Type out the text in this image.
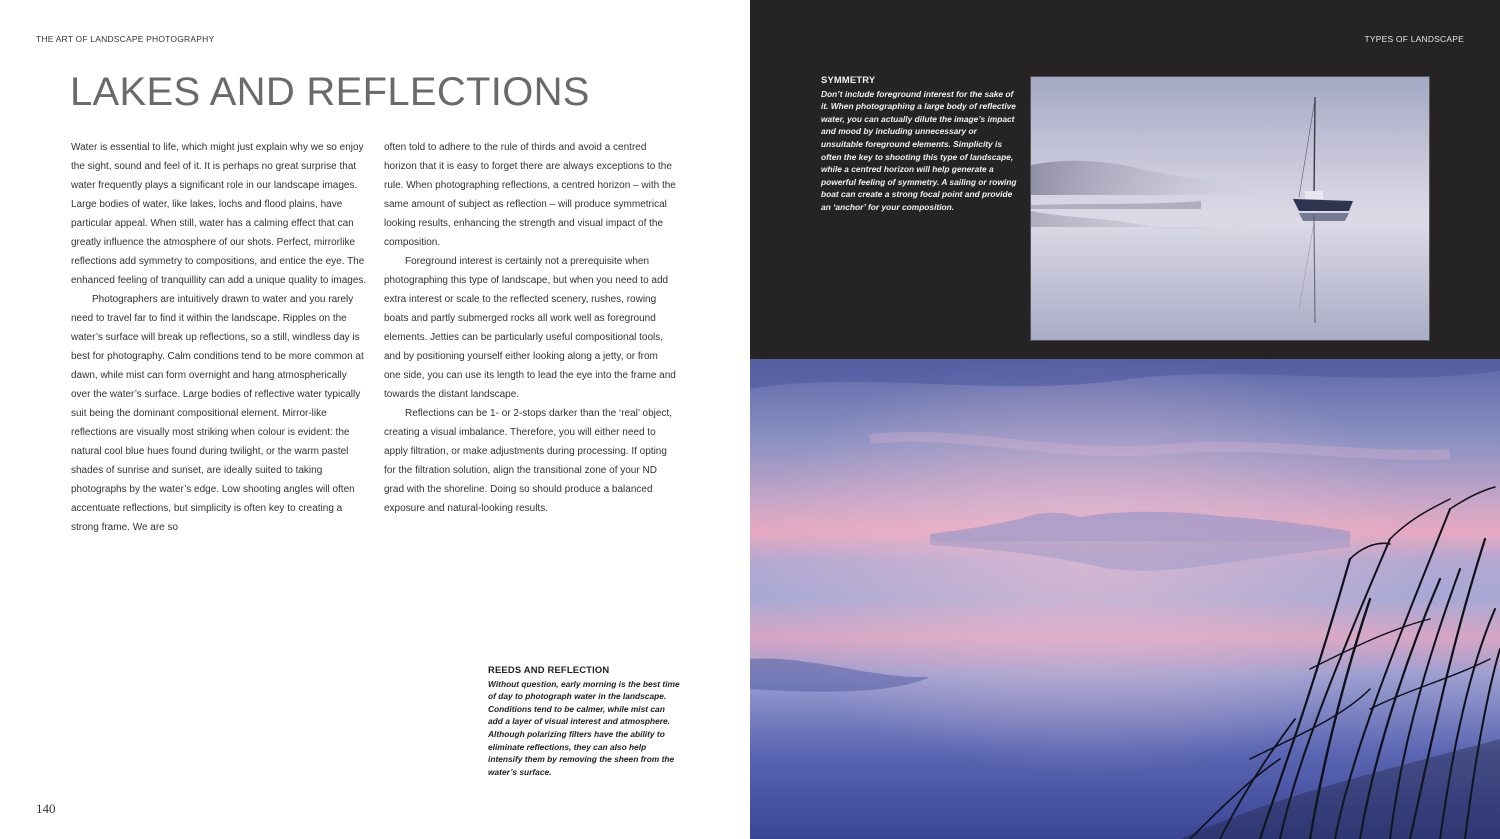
THE ART OF LANDSCAPE PHOTOGRAPHY
LAKES AND REFLECTIONS

Water is essential to life, which might just explain why we so enjoy the sight, sound and feel of it. It is perhaps no great surprise that water frequently plays a significant role in our landscape images. Large bodies of water, like lakes, lochs and flood plains, have particular appeal. When still, water has a calming effect that can greatly influence the atmosphere of our shots. Perfect, mirrorlike reflections add symmetry to compositions, and entice the eye. The enhanced feeling of tranquillity can add a unique quality to images.

Photographers are intuitively drawn to water and you rarely need to travel far to find it within the landscape. Ripples on the water’s surface will break up reflections, so a still, windless day is best for photography. Calm conditions tend to be more common at dawn, while mist can form overnight and hang atmospherically over the water’s surface. Large bodies of reflective water typically suit being the dominant compositional element. Mirror-like reflections are visually most striking when colour is evident: the natural cool blue hues found during twilight, or the warm pastel shades of sunrise and sunset, are ideally suited to taking photographs by the water’s edge. Low shooting angles will often accentuate reflections, but simplicity is often key to creating a strong frame. We are so

often told to adhere to the rule of thirds and avoid a centred horizon that it is easy to forget there are always exceptions to the rule. When photographing reflections, a centred horizon – with the same amount of subject as reflection – will produce symmetrical looking results, enhancing the strength and visual impact of the composition.

Foreground interest is certainly not a prerequisite when photographing this type of landscape, but when you need to add extra interest or scale to the reflected scenery, rushes, rowing boats and partly submerged rocks all work well as foreground elements. Jetties can be particularly useful compositional tools, and by positioning yourself either looking along a jetty, or from one side, you can use its length to lead the eye into the frame and towards the distant landscape.

Reflections can be 1- or 2-stops darker than the ‘real’ object, creating a visual imbalance. Therefore, you will either need to apply filtration, or make adjustments during processing. If opting for the filtration solution, align the transitional zone of your ND grad with the shoreline. Doing so should produce a balanced exposure and natural-looking results.

REEDS AND REFLECTION
Without question, early morning is the best time of day to photograph water in the landscape. Conditions tend to be calmer, while mist can add a layer of visual interest and atmosphere. Although polarizing filters have the ability to eliminate reflections, they can also help intensify them by removing the sheen from the water’s surface.
140
TYPES OF LANDSCAPE
SYMMETRY
Don’t include foreground interest for the sake of it. When photographing a large body of reflective water, you can actually dilute the image’s impact and mood by including unnecessary or unsuitable foreground elements. Simplicity is often the key to shooting this type of landscape, while a centred horizon will help generate a powerful feeling of symmetry. A sailing or rowing boat can create a strong focal point and provide an ‘anchor’ for your composition.
